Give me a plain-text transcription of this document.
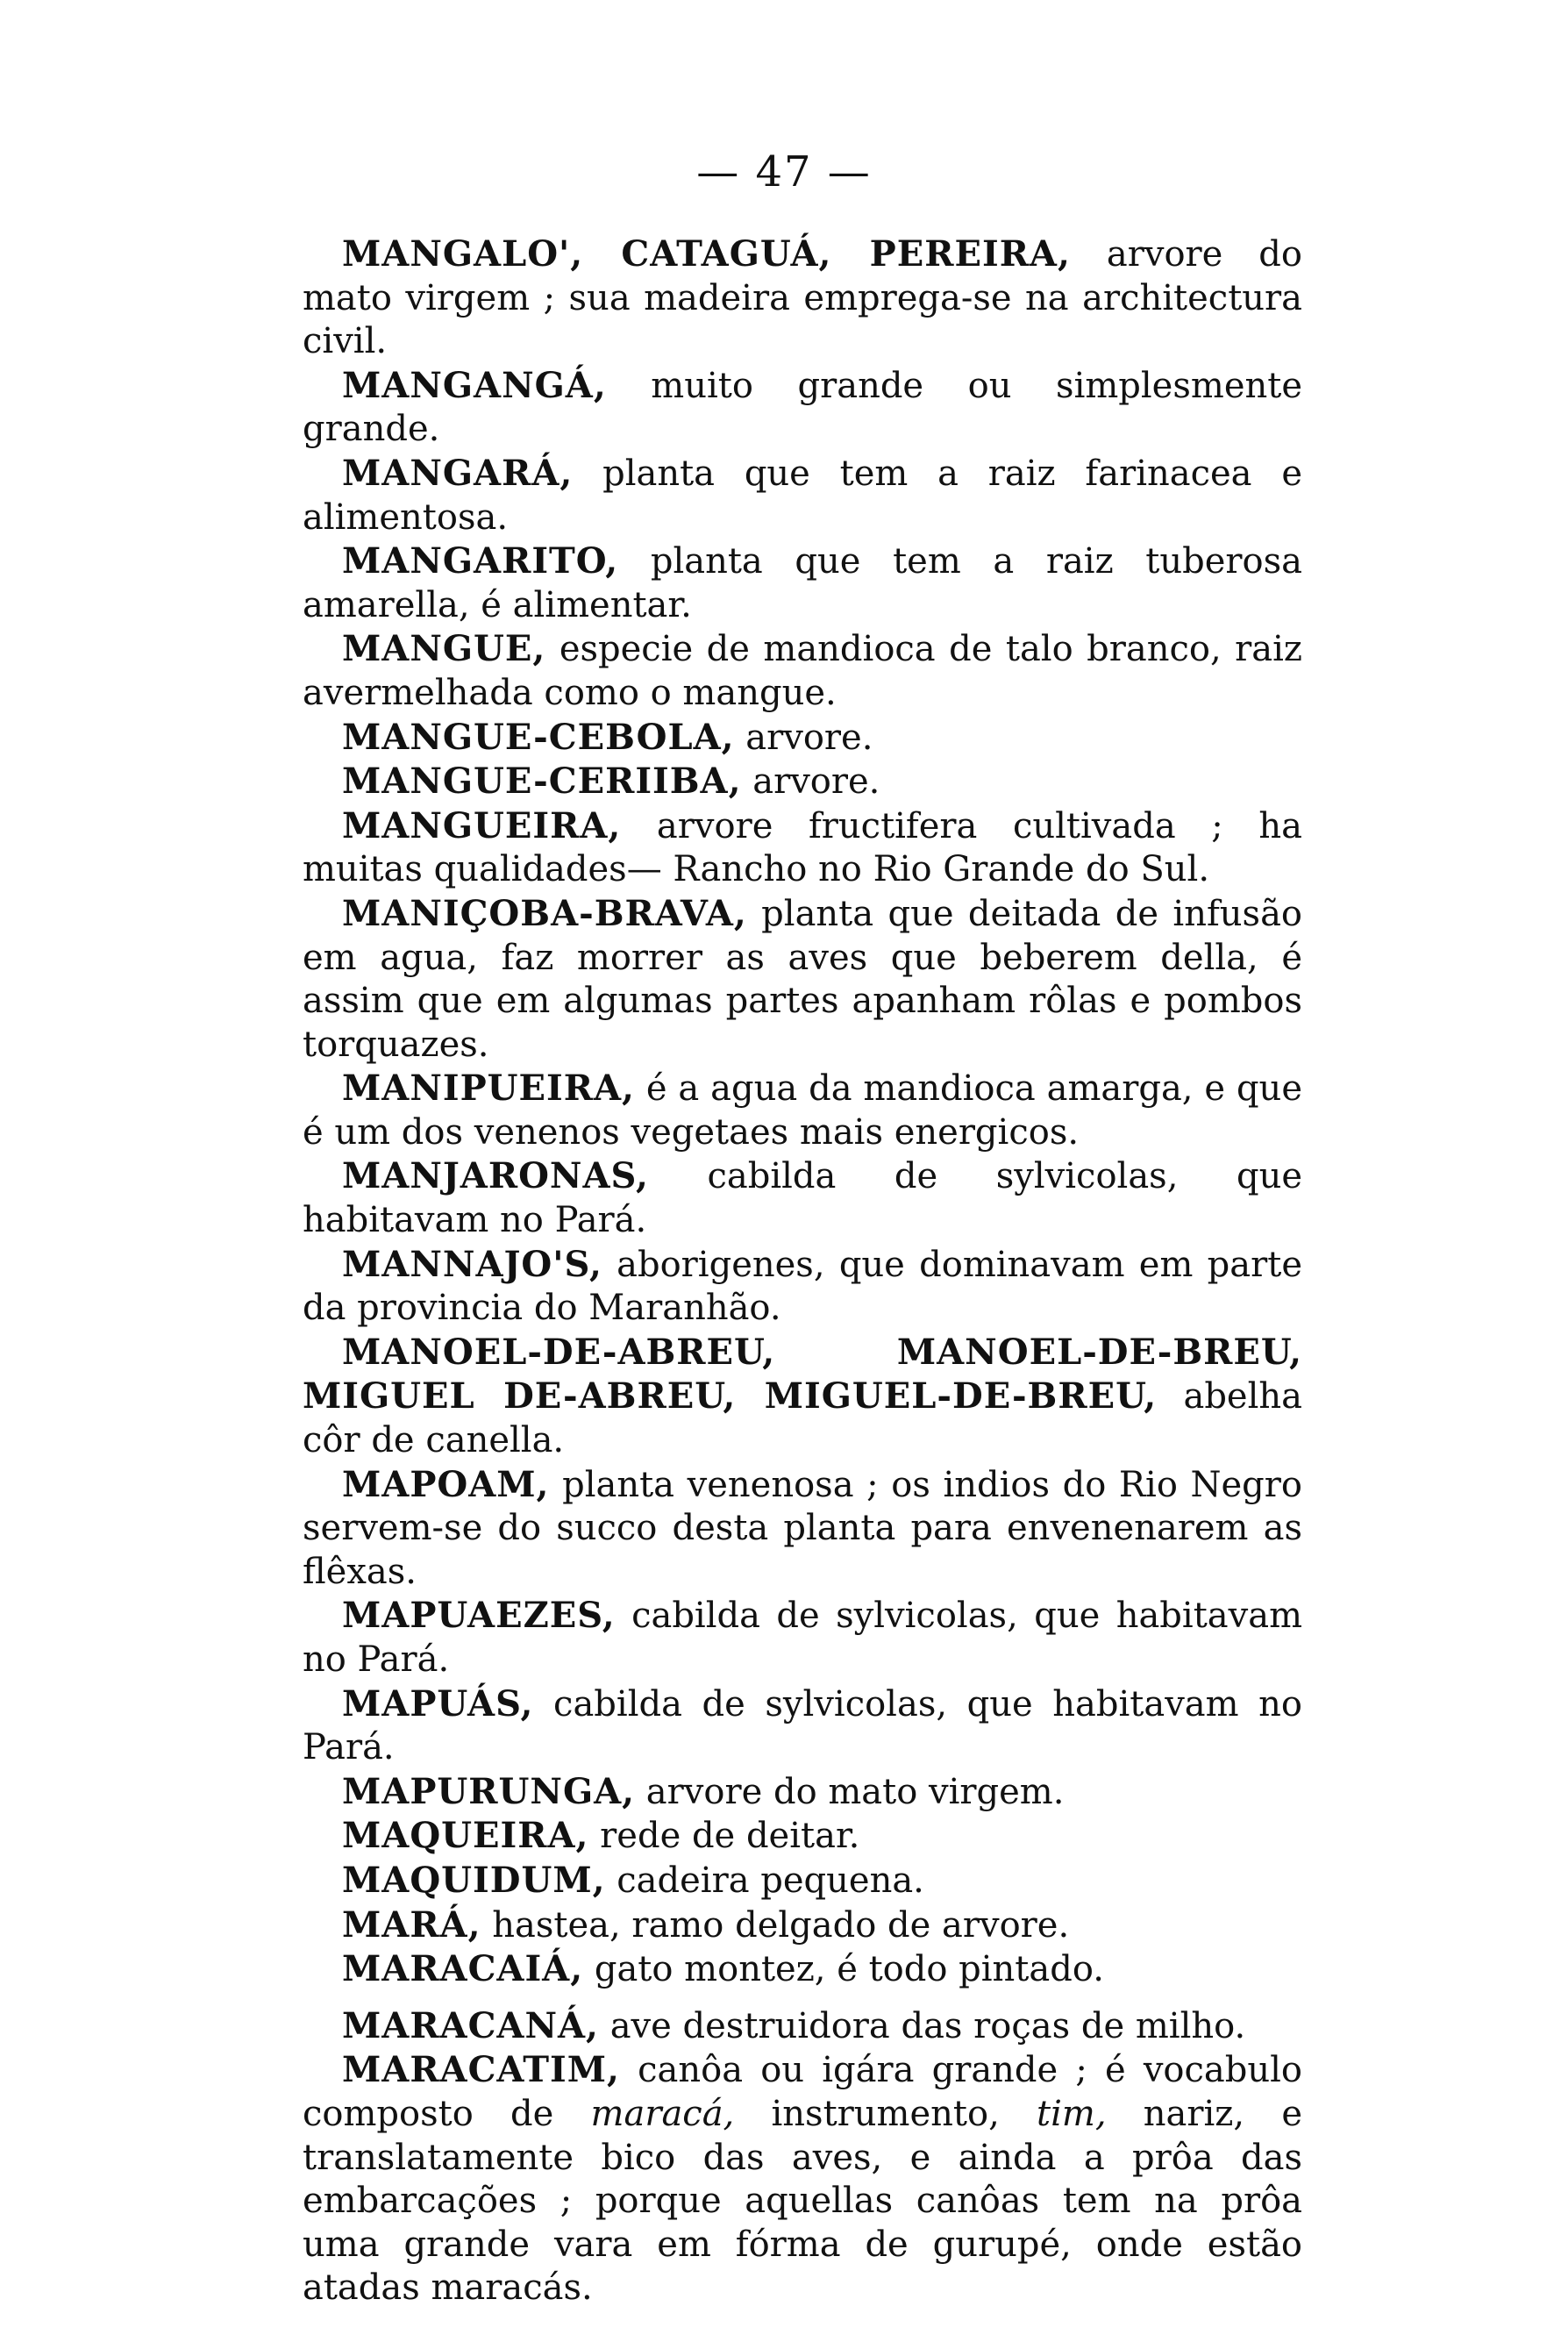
— 47 —

MANGALO', CATAGUÁ, PEREIRA, arvore do mato virgem ; sua madeira emprega-se na architectura civil.

MANGANGÁ, muito grande ou simplesmente grande.

MANGARÁ, planta que tem a raiz farinacea e alimentosa.

MANGARITO, planta que tem a raiz tuberosa amarella, é alimentar.

MANGUE, especie de mandioca de talo branco, raiz avermelhada como o mangue.

MANGUE-CEBOLA, arvore.

MANGUE-CERIIBA, arvore.

MANGUEIRA, arvore fructifera cultivada ; ha muitas qualidades— Rancho no Rio Grande do Sul.

MANIÇOBA-BRAVA, planta que deitada de infusão em agua, faz morrer as aves que beberem della, é assim que em algumas partes apanham rôlas e pombos torquazes.

MANIPUEIRA, é a agua da mandioca amarga, e que é um dos venenos vegetaes mais energicos.

MANJARONAS, cabilda de sylvicolas, que habitavam no Pará.

MANNAJO'S, aborigenes, que dominavam em parte da provincia do Maranhão.

MANOEL-DE-ABREU, MANOEL-DE-BREU, MIGUEL DE-ABREU, MIGUEL-DE-BREU, abelha côr de canella.

MAPOAM, planta venenosa ; os indios do Rio Negro servem-se do succo desta planta para envenenarem as flêxas.

MAPUAEZES, cabilda de sylvicolas, que habitavam no Pará.

MAPUÁS, cabilda de sylvicolas, que habitavam no Pará.

MAPURUNGA, arvore do mato virgem.

MAQUEIRA, rede de deitar.

MAQUIDUM, cadeira pequena.

MARÁ, hastea, ramo delgado de arvore.

MARACAIÁ, gato montez, é todo pintado.

MARACANÁ, ave destruidora das roças de milho.

MARACATIM, canôa ou igára grande ; é vocabulo composto de maracá, instrumento, tim, nariz, e translatamente bico das aves, e ainda a prôa das embarcações ; porque aquellas canôas tem na prôa uma grande vara em fórma de gurupé, onde estão atadas maracás.
